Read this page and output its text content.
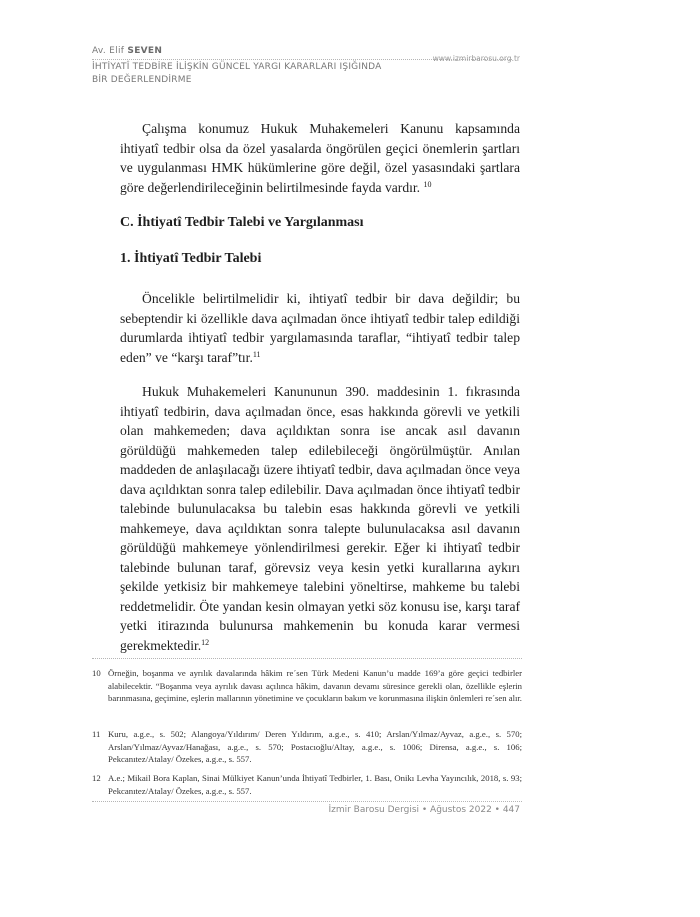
Av. Elif SEVEN
www.izmirbarosu.org.tr
İHTİYATÎ TEDBİRE İLİŞKİN GÜNCEL YARGI KARARLARI IŞIĞINDA
BİR DEĞERLENDİRME

Çalışma konumuz Hukuk Muhakemeleri Kanunu kapsamında ihtiyatî tedbir olsa da özel yasalarda öngörülen geçici önemlerin şartları ve uygulanması HMK hükümlerine göre değil, özel yasasındaki şartlara göre değerlendirileceğinin belirtilmesinde fayda vardır. $^{10}$

C. İhtiyatî Tedbir Talebi ve Yargılanması
1. İhtiyatî Tedbir Talebi

Öncelikle belirtilmelidir ki, ihtiyatî tedbir bir dava değildir; bu sebeptendir ki özellikle dava açılmadan önce ihtiyatî tedbir talep edildiği durumlarda ihtiyatî tedbir yargılamasında taraflar, “ihtiyatî tedbir talep eden” ve “karşı taraf”tır.$^{11}$

Hukuk Muhakemeleri Kanununun 390. maddesinin 1. fıkrasında ihtiyatî tedbirin, dava açılmadan önce, esas hakkında görevli ve yetkili olan mahkemeden; dava açıldıktan sonra ise ancak asıl davanın görüldüğü mahkemeden talep edilebileceği öngörülmüştür. Anılan maddeden de anlaşılacağı üzere ihtiyatî tedbir, dava açılmadan önce veya dava açıldıktan sonra talep edilebilir. Dava açılmadan önce ihtiyatî tedbir talebinde bulunulacaksa bu talebin esas hakkında görevli ve yetkili mahkemeye, dava açıldıktan sonra talepte bulunulacaksa asıl davanın görüldüğü mahkemeye yönlendirilmesi gerekir. Eğer ki ihtiyatî tedbir talebinde bulunan taraf, görevsiz veya kesin yetki kurallarına aykırı şekilde yetkisiz bir mahkemeye talebini yöneltirse, mahkeme bu talebi reddetmelidir. Öte yandan kesin olmayan yetki söz konusu ise, karşı taraf yetki itirazında bulunursa mahkemenin bu konuda karar vermesi gerekmektedir.$^{12}$

10 Örneğin, boşanma ve ayrılık davalarında hâkim re´sen Türk Medeni Kanun’u madde 169’a göre geçici tedbirler alabilecektir. “Boşanma veya ayrılık davası açılınca hâkim, davanın devamı süresince gerekli olan, özellikle eşlerin barınmasına, geçimine, eşlerin mallarının yönetimine ve çocukların bakım ve korunmasına ilişkin önlemleri re´sen alır.
11 Kuru, a.g.e., s. 502; Alangoya/Yıldırım/ Deren Yıldırım, a.g.e., s. 410; Arslan/Yılmaz/Ayvaz, a.g.e., s. 570; Arslan/Yılmaz/Ayvaz/Hanağası, a.g.e., s. 570; Postacıoğlu/Altay, a.g.e., s. 1006; Dirensa, a.g.e., s. 106; Pekcanıtez/Atalay/ Özekes, a.g.e., s. 557.
12 A.e.; Mikail Bora Kaplan, Sinai Mülkiyet Kanun’unda İhtiyatî Tedbirler, 1. Bası, Onikı Levha Yayıncılık, 2018, s. 93; Pekcanıtez/Atalay/ Özekes, a.g.e., s. 557.
İzmir Barosu Dergisi • Ağustos 2022 • 447
